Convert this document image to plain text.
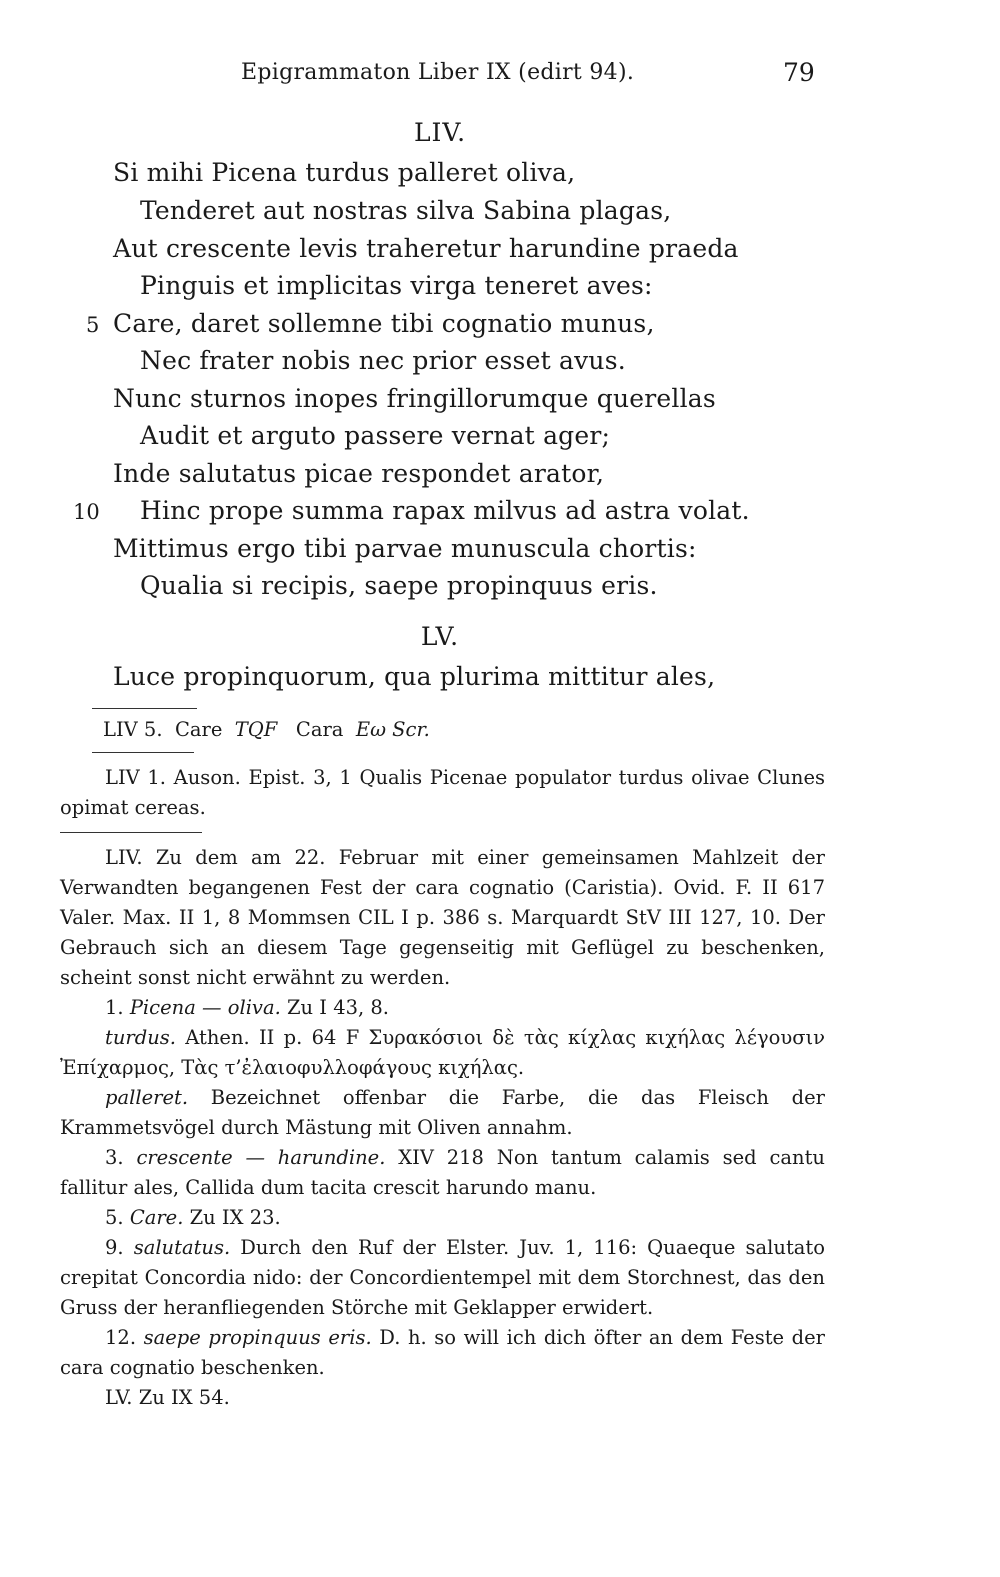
Epigrammaton Liber IX (edirt 94).	79
LIV.
Si mihi Picena turdus palleret oliva,
Tenderet aut nostras silva Sabina plagas,
Aut crescente levis traheretur harundine praeda
Pinguis et implicitas virga teneret aves:
5 Care, daret sollemne tibi cognatio munus,
Nec frater nobis nec prior esset avus.
Nunc sturnos inopes fringillorumque querellas
Audit et arguto passere vernat ager;
Inde salutatus picae respondet arator,
10 Hinc prope summa rapax milvus ad astra volat.
Mittimus ergo tibi parvae munuscula chortis:
Qualia si recipis, saepe propinquus eris.
LV.
Luce propinquorum, qua plurima mittitur ales,
LIV 5. Care TQF Cara Eω Scr.

LIV 1. Auson. Epist. 3, 1 Qualis Picenae populator turdus olivae Clunes opimat cereas.

LIV. Zu dem am 22. Februar mit einer gemeinsamen Mahlzeit der Verwandten begangenen Fest der cara cognatio (Caristia). Ovid. F. II 617 Valer. Max. II 1, 8 Mommsen CIL I p. 386 s. Marquardt StV III 127, 10. Der Gebrauch sich an diesem Tage gegenseitig mit Geflügel zu beschenken, scheint sonst nicht erwähnt zu werden.

1. Picena — oliva. Zu I 43, 8.

turdus. Athen. II p. 64 F Συρακόσιοι δὲ τὰς κίχλας κιχήλας λέγουσιν Ἐπίχαρμος, Τὰς τ’ἐλαιοφυλλοφάγους κιχήλας.

palleret. Bezeichnet offenbar die Farbe, die das Fleisch der Krammetsvögel durch Mästung mit Oliven annahm.

3. crescente — harundine. XIV 218 Non tantum calamis sed cantu fallitur ales, Callida dum tacita crescit harundo manu.

5. Care. Zu IX 23.

9. salutatus. Durch den Ruf der Elster. Juv. 1, 116: Quaeque salutato crepitat Concordia nido: der Concordientempel mit dem Storchnest, das den Gruss der heranfliegenden Störche mit Geklapper erwidert.

12. saepe propinquus eris. D. h. so will ich dich öfter an dem Feste der cara cognatio beschenken.

LV. Zu IX 54.
